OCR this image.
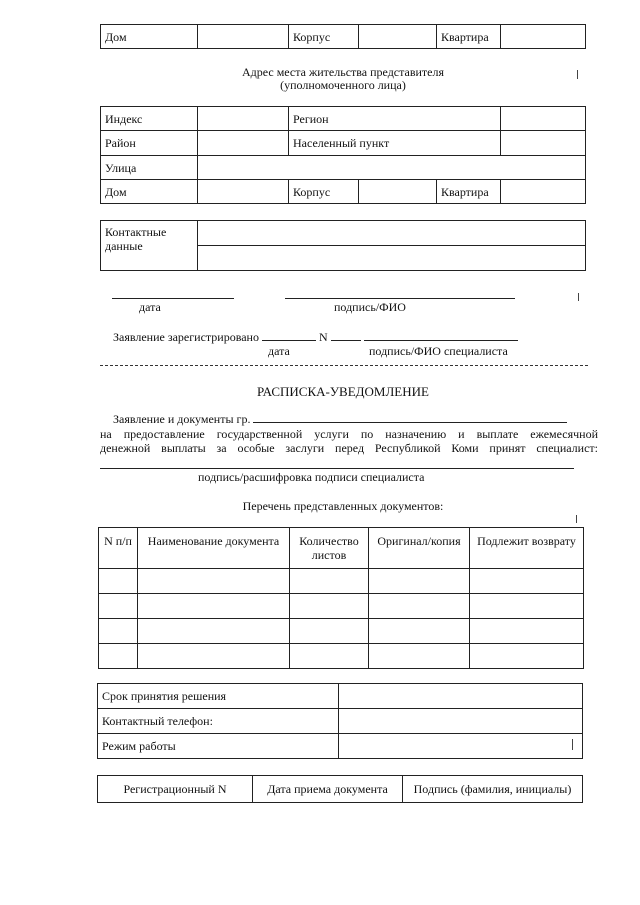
Дом		Корпус		Квартира	
Адрес места жительства представителя
(уполномоченного лица)
Индекс		Регион			
Район		Населенный пункт			
Улица					
Дом		Корпус		Квартира	
Контактные
данные

дата	подпись/ФИО
Заявление зарегистрировано	N
дата	подпись/ФИО специалиста
РАСПИСКА-УВЕДОМЛЕНИЕ
Заявление и документы гр.
на предоставление государственной услуги по назначению и выплате ежемесячной
денежной выплаты за особые заслуги перед Республикой Коми принят специалист:
подпись/расшифровка подписи специалиста
Перечень представленных документов:
N п/п	Наименование документа	Количество листов	Оригинал/копия	Подлежит возврату

Срок принятия решения	
Контактный телефон:	
Режим работы	
Регистрационный N	Дата приема документа	Подпись (фамилия, инициалы)
